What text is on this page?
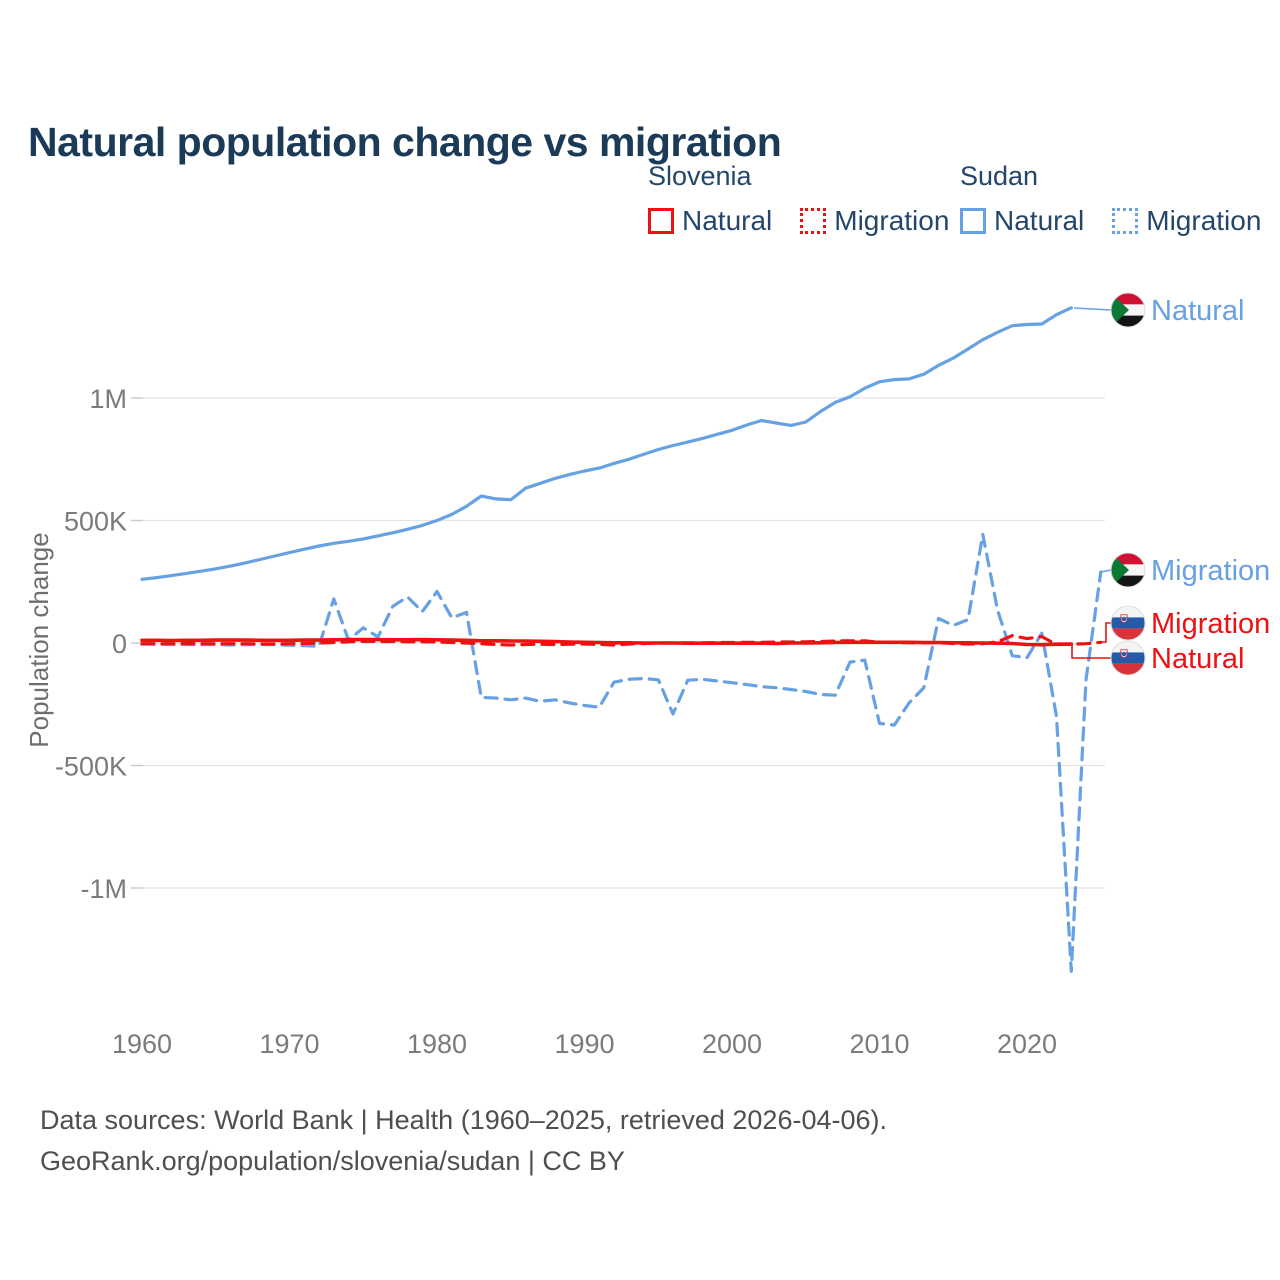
1M
500K
0
-500K
-1M
1960	1970	1980	1990	2000	2010	2020
Population change
Natural
Migration
Migration
Natural
Natural population change vs migration
Slovenia
Natural Migration
Sudan
Natural Migration
Data sources: World Bank | Health (1960–2025, retrieved 2026-04-06).
GeoRank.org/population/slovenia/sudan | CC BY
